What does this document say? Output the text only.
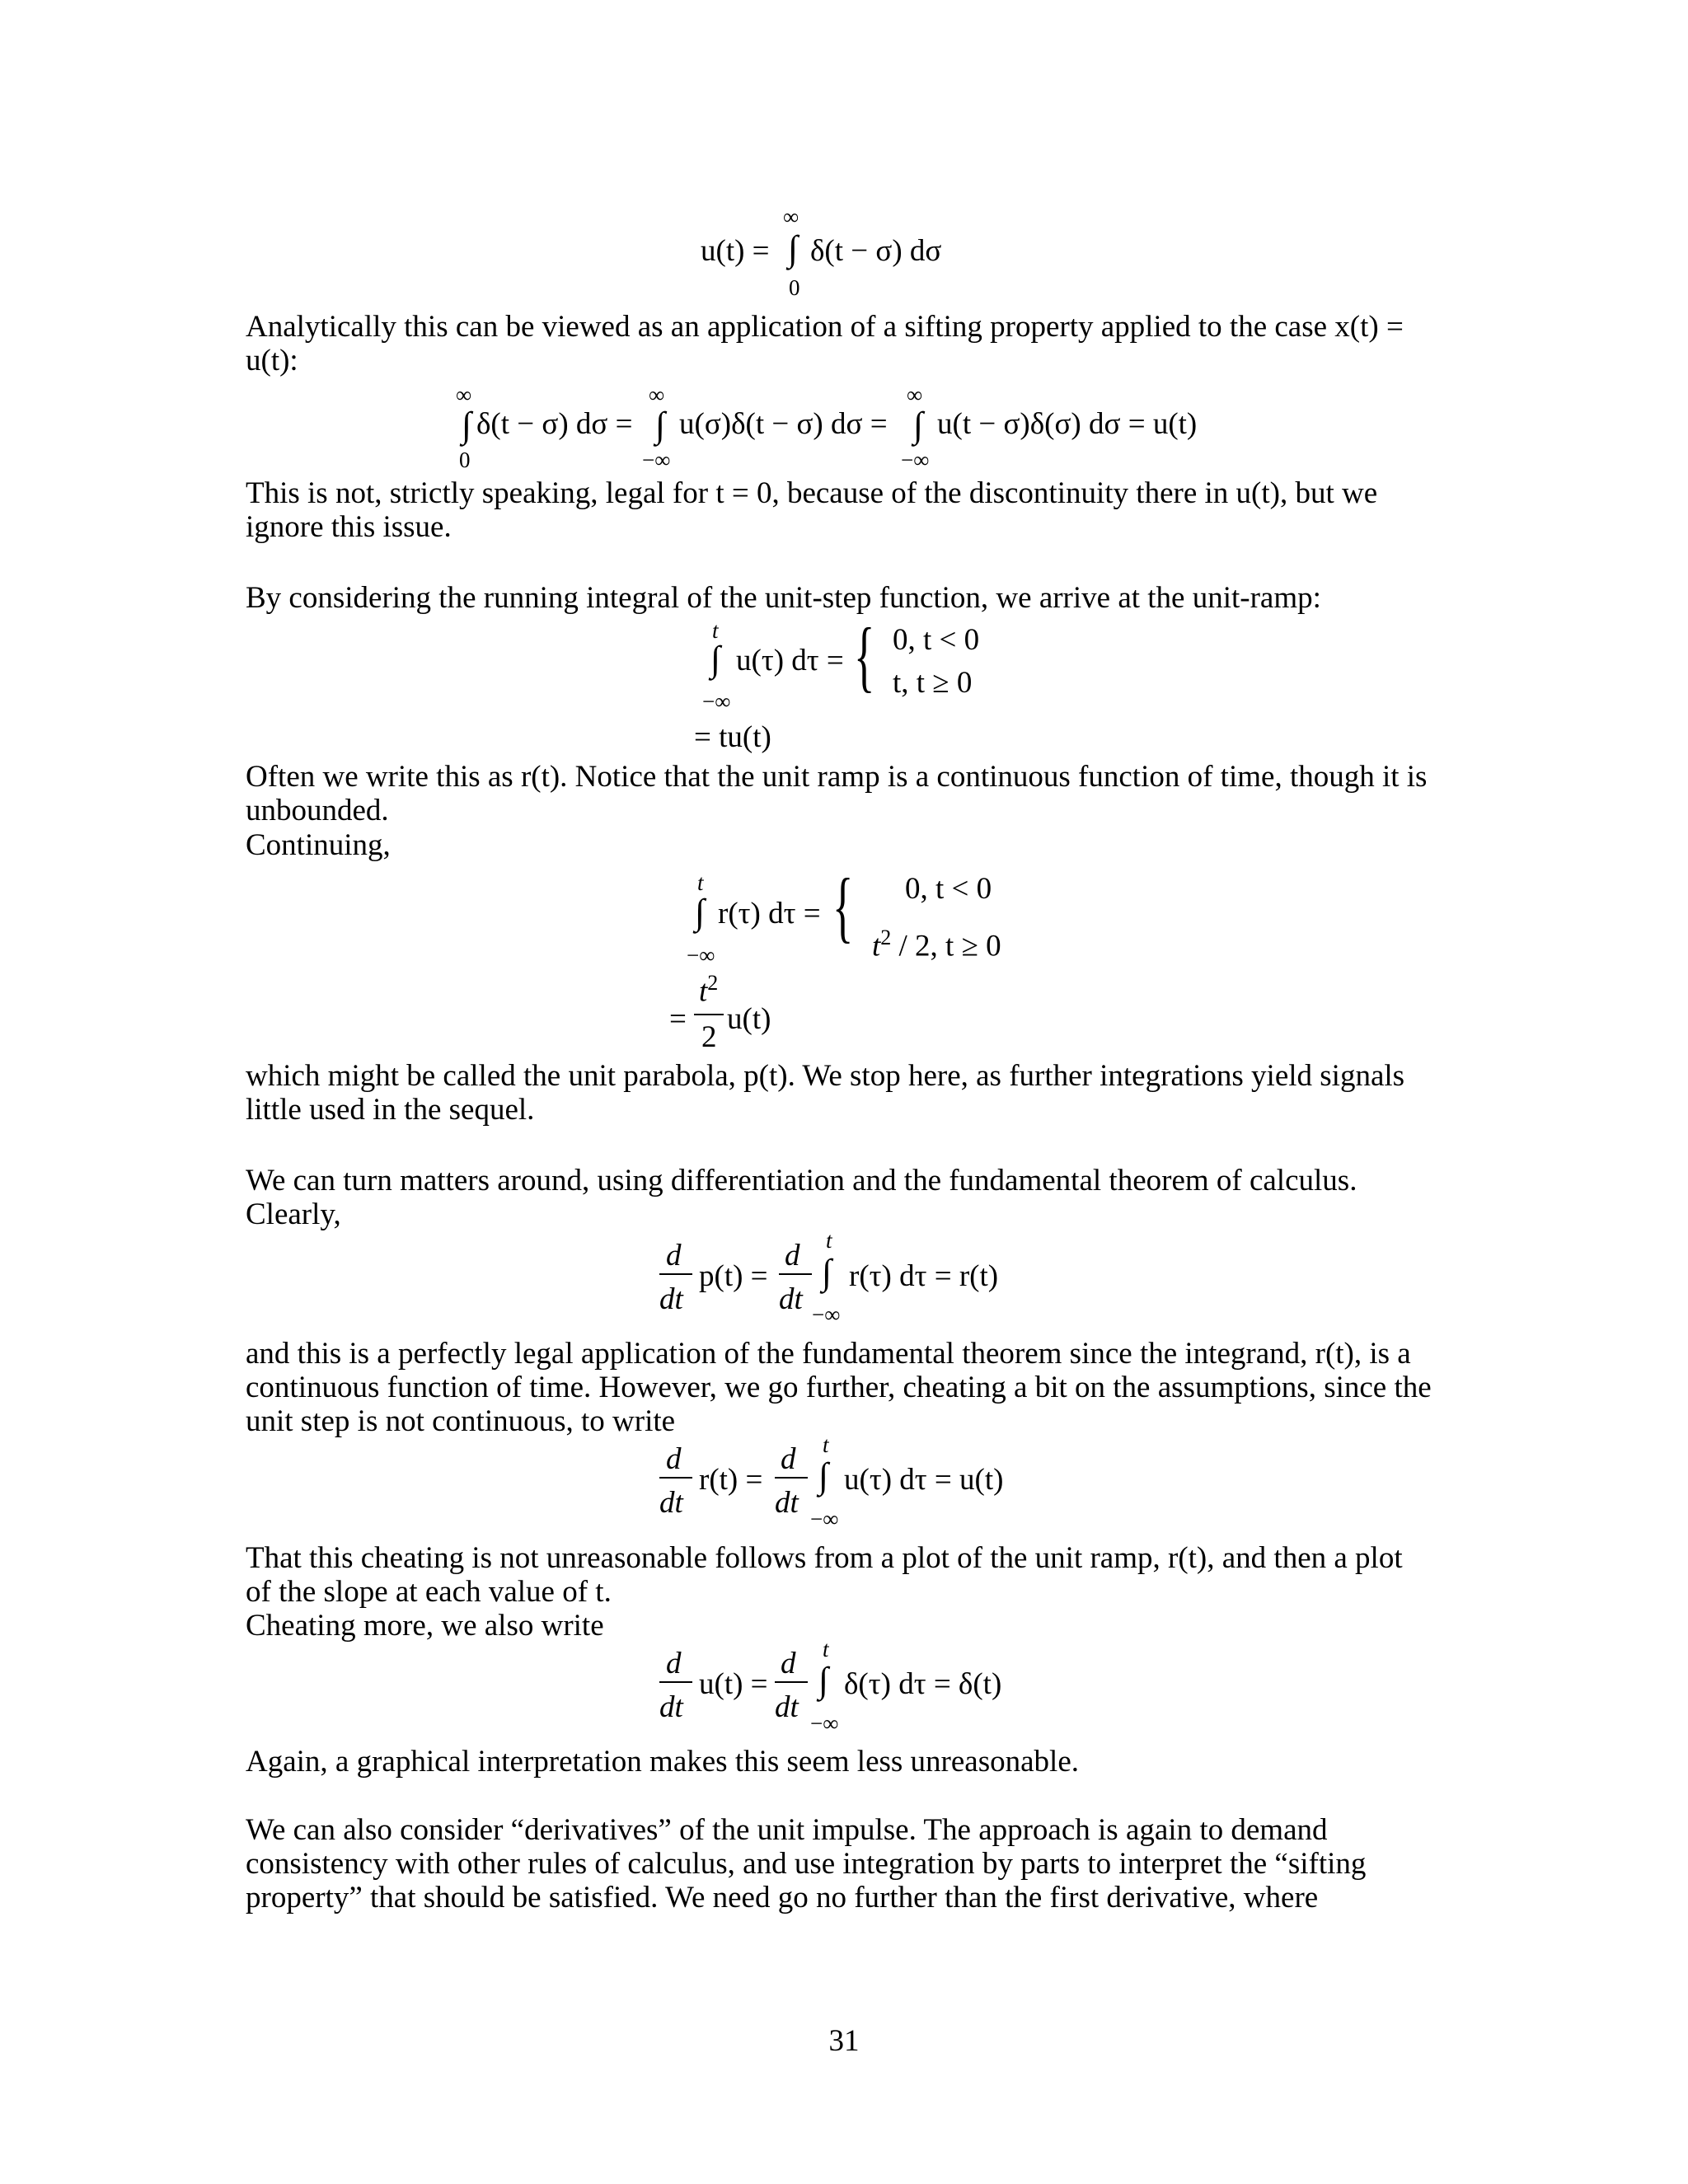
u(t) =
∞
∫
0
δ(t − σ) dσ

Analytically this can be viewed as an application of a sifting property applied to the case x(t) = u(t):

∞
∫
0
δ(t − σ) dσ =
∞
∫
−∞
u(σ)δ(t − σ) dσ =
∞
∫
−∞
u(t − σ)δ(σ) dσ = u(t)

This is not, strictly speaking, legal for t = 0, because of the discontinuity there in u(t), but we ignore this issue.

By considering the running integral of the unit-step function, we arrive at the unit-ramp:

t
∫
−∞
u(τ) dτ = { 0, t < 0
t, t ≥ 0
= tu(t)

Often we write this as r(t). Notice that the unit ramp is a continuous function of time, though it is unbounded.

Continuing,

t
∫
−∞
r(τ) dτ = { 0, t < 0
$t^2 / 2$, t ≥ 0
=
$t^2$
2
u(t)

which might be called the unit parabola, p(t). We stop here, as further integrations yield signals little used in the sequel.

We can turn matters around, using differentiation and the fundamental theorem of calculus. Clearly,

d
dt
p(t) =
d
dt
t
∫
−∞
r(τ) dτ = r(t)

and this is a perfectly legal application of the fundamental theorem since the integrand, r(t), is a continuous function of time. However, we go further, cheating a bit on the assumptions, since the unit step is not continuous, to write

d
dt
r(t) =
d
dt
t
∫
−∞
u(τ) dτ = u(t)

That this cheating is not unreasonable follows from a plot of the unit ramp, r(t), and then a plot of the slope at each value of t.

Cheating more, we also write

d
dt
u(t) =
d
dt
t
∫
−∞
δ(τ) dτ = δ(t)

Again, a graphical interpretation makes this seem less unreasonable.

We can also consider “derivatives” of the unit impulse. The approach is again to demand consistency with other rules of calculus, and use integration by parts to interpret the “sifting property” that should be satisfied. We need go no further than the first derivative, where

31
